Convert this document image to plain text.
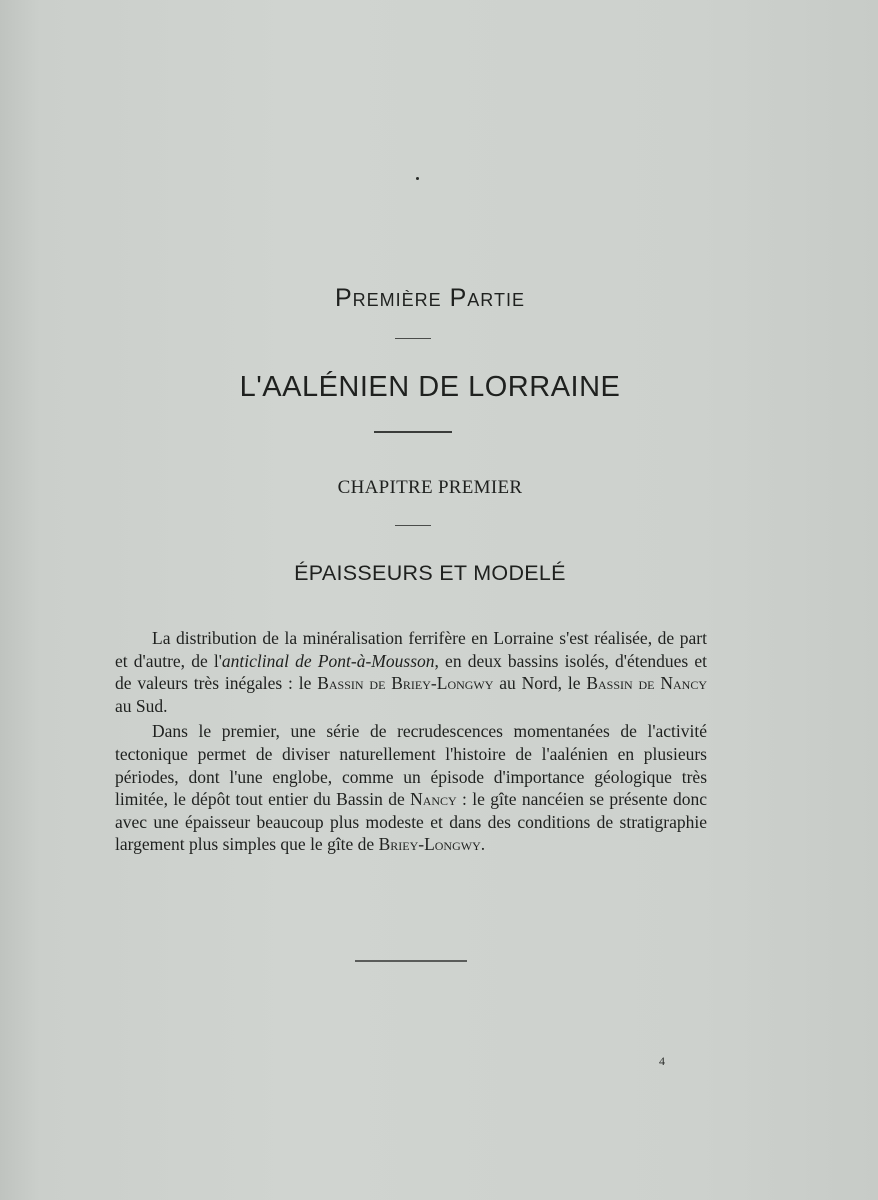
Première Partie
L'AALÉNIEN DE LORRAINE
CHAPITRE PREMIER
ÉPAISSEURS ET MODELÉ

La distribution de la minéralisation ferrifère en Lorraine s'est réalisée, de part et d'autre, de l'anticlinal de Pont-à-Mousson, en deux bassins isolés, d'étendues et de valeurs très inégales : le Bassin de Briey-Longwy au Nord, le Bassin de Nancy au Sud.

Dans le premier, une série de recrudescences momentanées de l'activité tectonique permet de diviser naturellement l'histoire de l'aalénien en plusieurs périodes, dont l'une englobe, comme un épisode d'importance géologique très limitée, le dépôt tout entier du Bassin de Nancy : le gîte nancéien se présente donc avec une épaisseur beaucoup plus modeste et dans des conditions de stratigraphie largement plus simples que le gîte de Briey-Longwy.

4
